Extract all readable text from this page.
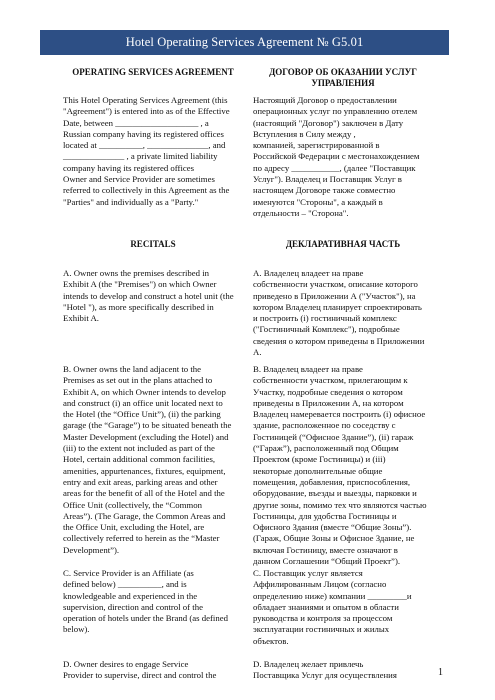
Hotel Operating Services Agreement № G5.01
OPERATING SERVICES AGREEMENT	ДОГОВОР ОБ ОКАЗАНИИ УСЛУГ
УПРАВЛЕНИЯ
This Hotel Operating Services Agreement (this
"Agreement") is entered into as of the Effective
Date, between ___________________ , a
Russian company having its registered offices
located at __________, ______________, and
______________ , a private limited liability
company having its registered offices
Owner and Service Provider are sometimes
referred to collectively in this Agreement as the
"Parties" and individually as a "Party."
Настоящий Договор о предоставлении
операционных услуг по управлению отелем
(настоящий "Договор") заключен в Дату
Вступления в Силу между ,
компанией, зарегистрированной в
Российской Федерации с местонахождением
по адресу ___________, (далее "Поставщик
Услуг"). Владелец и Поставщик Услуг в
настоящем Договоре также совместно
именуются "Стороны", а каждый в
отдельности – "Сторона".
RECITALS	ДЕКЛАРАТИВНАЯ ЧАСТЬ
A. Owner owns the premises described in
Exhibit A (the "Premises") on which Owner
intends to develop and construct a hotel unit (the
"Hotel "), as more specifically described in
Exhibit A.
А. Владелец владеет на праве
собственности участком, описание которого
приведено в Приложении А ("Участок"), на
котором Владелец планирует спроектировать
и построить (i) гостиничный комплекс
("Гостиничный Комплекс"), подробные
сведения о котором приведены в Приложении
А.
B. Owner owns the land adjacent to the
Premises as set out in the plans attached to
Exhibit A, on which Owner intends to develop
and construct (i) an office unit located next to
the Hotel (the “Office Unit”), (ii) the parking
garage (the “Garage”) to be situated beneath the
Master Development (excluding the Hotel) and
(iii) to the extent not included as part of the
Hotel, certain additional common facilities,
amenities, appurtenances, fixtures, equipment,
entry and exit areas, parking areas and other
areas for the benefit of all of the Hotel and the
Office Unit (collectively, the “Common
Areas”). (The Garage, the Common Areas and
the Office Unit, excluding the Hotel, are
collectively referred to herein as the “Master
Development”).
В. Владелец владеет на праве
собственности участком, прилегающим к
Участку, подробные сведения о котором
приведены в Приложении А, на котором
Владелец намеревается построить (i) офисное
здание, расположенное по соседству с
Гостиницей (“Офисное Здание”), (ii) гараж
(“Гараж”), расположенный под Общим
Проектом (кроме Гостиницы) и (iii)
некоторые дополнительные общие
помещения, добавления, приспособления,
оборудование, въезды и выезды, парковки и
другие зоны, помимо тех что являются частью
Гостиницы, для удобства Гостиницы и
Офисного Здания (вместе “Общие Зоны”).
(Гараж, Общие Зоны и Офисное Здание, не
включая Гостиницу, вместе означают в
данном Соглашении “Общий Проект”).
C. Service Provider is an Affiliate (as
defined below) __________, and is
knowledgeable and experienced in the
supervision, direction and control of the
operation of hotels under the Brand (as defined
below).
С. Поставщик услуг является
Аффилированным Лицом (согласно
определению ниже) компании _________и
обладает знаниями и опытом в области
руководства и контроля за процессом
эксплуатации гостиничных и жилых
объектов.
D. Owner desires to engage Service
Provider to supervise, direct and control the
D. Владелец желает привлечь
Поставщика Услуг для осуществления	1
